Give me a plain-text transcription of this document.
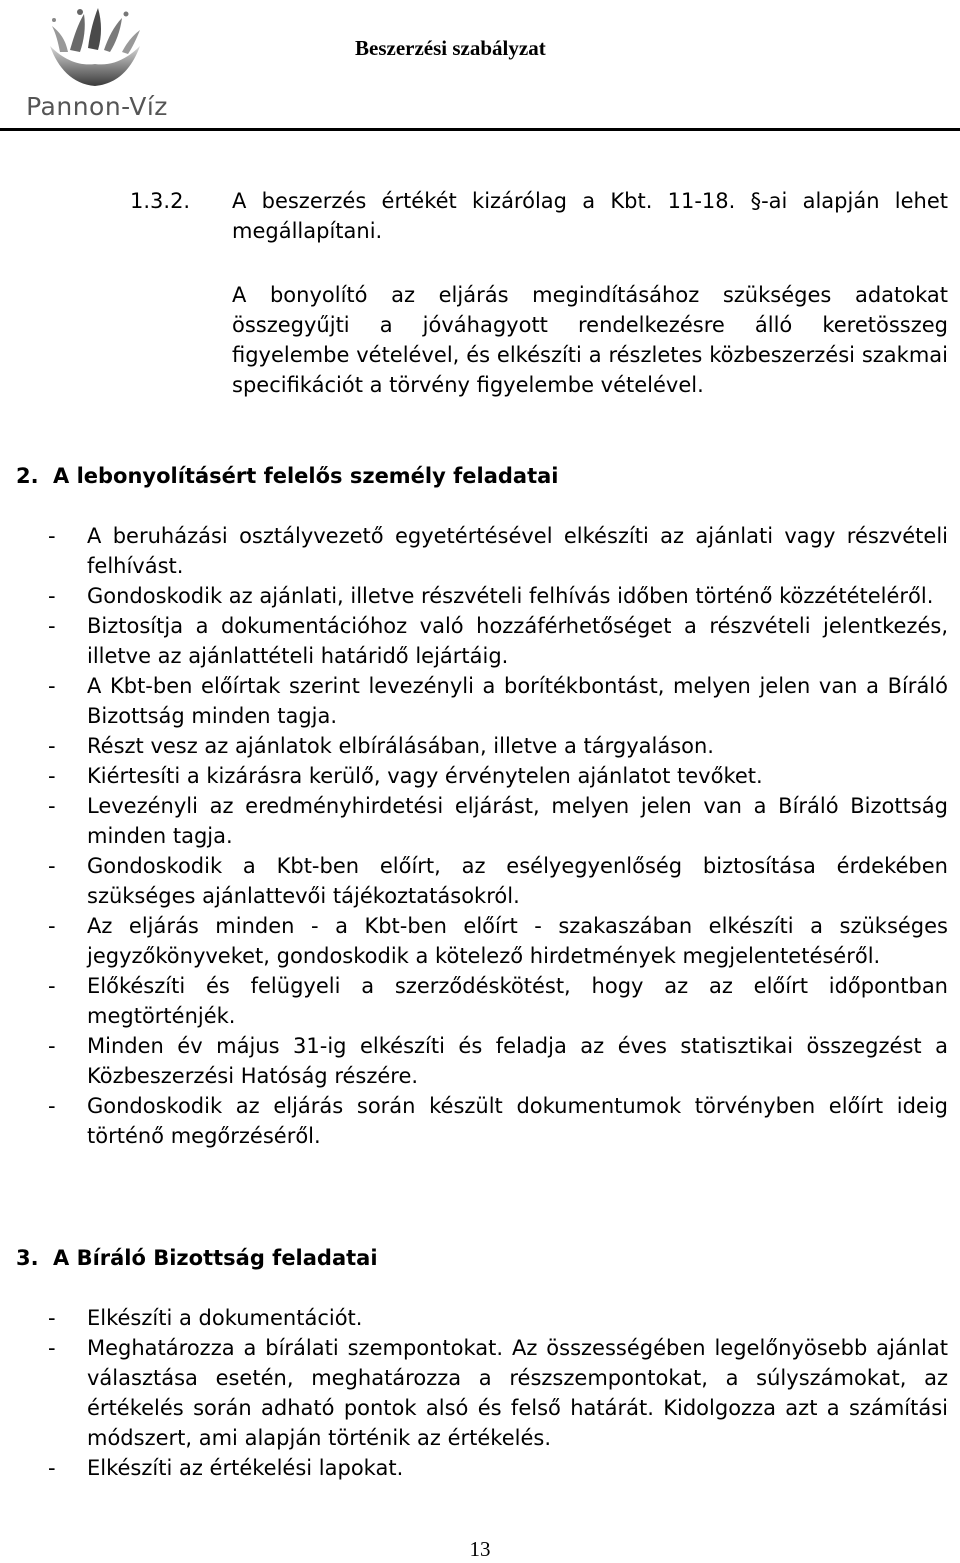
Pannon-Víz
Beszerzési szabályzat
1.3.2. A beszerzés értékét kizárólag a Kbt. 11-18. §-ai alapján lehet megállapítani.
A bonyolító az eljárás megindításához szükséges adatokat összegyűjti a jóváhagyott rendelkezésre álló keretösszeg figyelembe vételével, és elkészíti a részletes közbeszerzési szakmai specifikációt a törvény figyelembe vételével.
2. A lebonyolításért felelős személy feladatai
- A beruházási osztályvezető egyetértésével elkészíti az ajánlati vagy részvételi felhívást.
- Gondoskodik az ajánlati, illetve részvételi felhívás időben történő közzétételéről.
- Biztosítja a dokumentációhoz való hozzáférhetőséget a részvételi jelentkezés, illetve az ajánlattételi határidő lejártáig.
- A Kbt-ben előírtak szerint levezényli a borítékbontást, melyen jelen van a Bíráló Bizottság minden tagja.
- Részt vesz az ajánlatok elbírálásában, illetve a tárgyaláson.
- Kiértesíti a kizárásra kerülő, vagy érvénytelen ajánlatot tevőket.
- Levezényli az eredményhirdetési eljárást, melyen jelen van a Bíráló Bizottság minden tagja.
- Gondoskodik a Kbt-ben előírt, az esélyegyenlőség biztosítása érdekében szükséges ajánlattevői tájékoztatásokról.
- Az eljárás minden - a Kbt-ben előírt - szakaszában elkészíti a szükséges jegyzőkönyveket, gondoskodik a kötelező hirdetmények megjelentetéséről.
- Előkészíti és felügyeli a szerződéskötést, hogy az az előírt időpontban megtörténjék.
- Minden év május 31-ig elkészíti és feladja az éves statisztikai összegzést a Közbeszerzési Hatóság részére.
- Gondoskodik az eljárás során készült dokumentumok törvényben előírt ideig történő megőrzéséről.
3. A Bíráló Bizottság feladatai
- Elkészíti a dokumentációt.
- Meghatározza a bírálati szempontokat. Az összességében legelőnyösebb ajánlat választása esetén, meghatározza a részszempontokat, a súlyszámokat, az értékelés során adható pontok alsó és felső határát. Kidolgozza azt a számítási módszert, ami alapján történik az értékelés.
- Elkészíti az értékelési lapokat.
13
